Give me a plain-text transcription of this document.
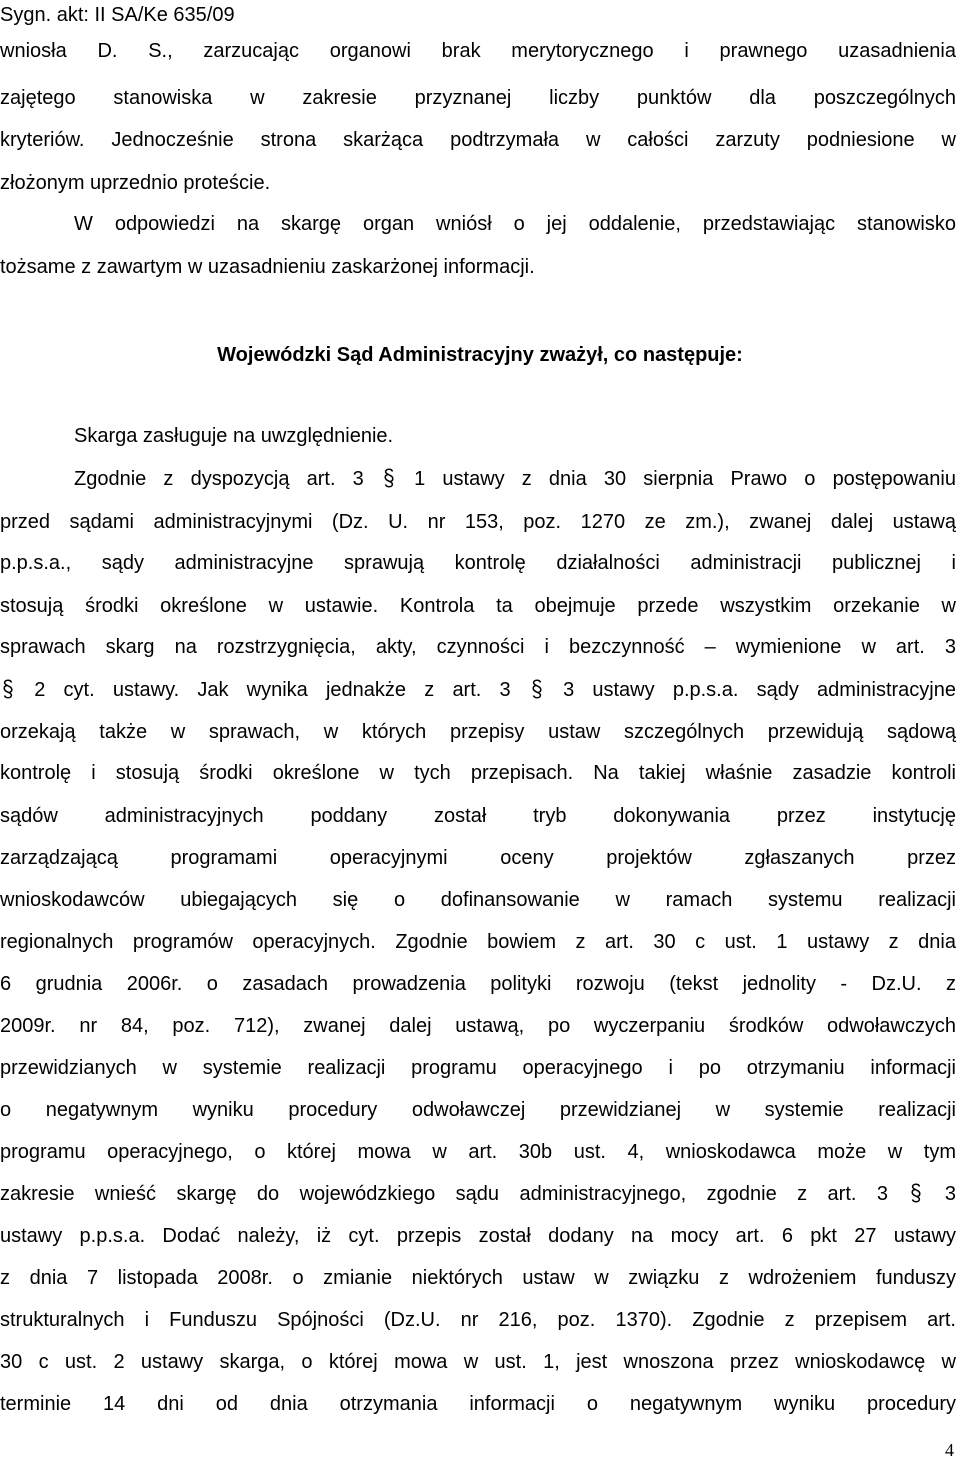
Sygn. akt: II SA/Ke 635/09
wniosła D. S., zarzucając organowi brak merytorycznego i prawnego uzasadnienia
zajętego stanowiska w zakresie przyznanej liczby punktów dla poszczególnych
kryteriów. Jednocześnie strona skarżąca podtrzymała w całości zarzuty podniesione w
złożonym uprzednio proteście.
W odpowiedzi na skargę organ wniósł o jej oddalenie, przedstawiając stanowisko
tożsame z zawartym w uzasadnieniu zaskarżonej informacji.
Wojewódzki Sąd Administracyjny zważył, co następuje:
Skarga zasługuje na uwzględnienie.
Zgodnie z dyspozycją art. 3	1 ustawy z dnia 30 sierpnia Prawo o postępowaniu
przed sądami administracyjnymi (Dz. U. nr 153, poz. 1270 ze zm.), zwanej dalej ustawą
p.p.s.a., sądy administracyjne sprawują kontrolę działalności administracji publicznej i
stosują środki określone w ustawie. Kontrola ta obejmuje przede wszystkim orzekanie w
sprawach skarg na rozstrzygnięcia, akty, czynności i bezczynność – wymienione w art. 3
2 cyt. ustawy. Jak wynika jednakże z art. 3	3 ustawy p.p.s.a. sądy administracyjne
orzekają także w sprawach, w których przepisy ustaw szczególnych przewidują sądową
kontrolę i stosują środki określone w tych przepisach. Na takiej właśnie zasadzie kontroli
sądów administracyjnych poddany został tryb dokonywania przez instytucję
zarządzającą programami operacyjnymi oceny projektów zgłaszanych przez
wnioskodawców ubiegających się o dofinansowanie w ramach systemu realizacji
regionalnych programów operacyjnych. Zgodnie bowiem z art. 30 c ust. 1 ustawy z dnia
6 grudnia 2006r. o zasadach prowadzenia polityki rozwoju (tekst jednolity - Dz.U. z
2009r. nr 84, poz. 712), zwanej dalej ustawą, po wyczerpaniu środków odwoławczych
przewidzianych w systemie realizacji programu operacyjnego i po otrzymaniu informacji
o negatywnym wyniku procedury odwoławczej przewidzianej w systemie realizacji
programu operacyjnego, o której mowa w art. 30b ust. 4, wnioskodawca może w tym
zakresie wnieść skargę do wojewódzkiego sądu administracyjnego, zgodnie z art. 3	3
ustawy p.p.s.a. Dodać należy, iż cyt. przepis został dodany na mocy art. 6 pkt 27 ustawy
z dnia 7 listopada 2008r. o zmianie niektórych ustaw w związku z wdrożeniem funduszy
strukturalnych i Funduszu Spójności (Dz.U. nr 216, poz. 1370). Zgodnie z przepisem art.
30 c ust. 2 ustawy skarga, o której mowa w ust. 1, jest wnoszona przez wnioskodawcę w
terminie 14 dni od dnia otrzymania informacji o negatywnym wyniku procedury
4
